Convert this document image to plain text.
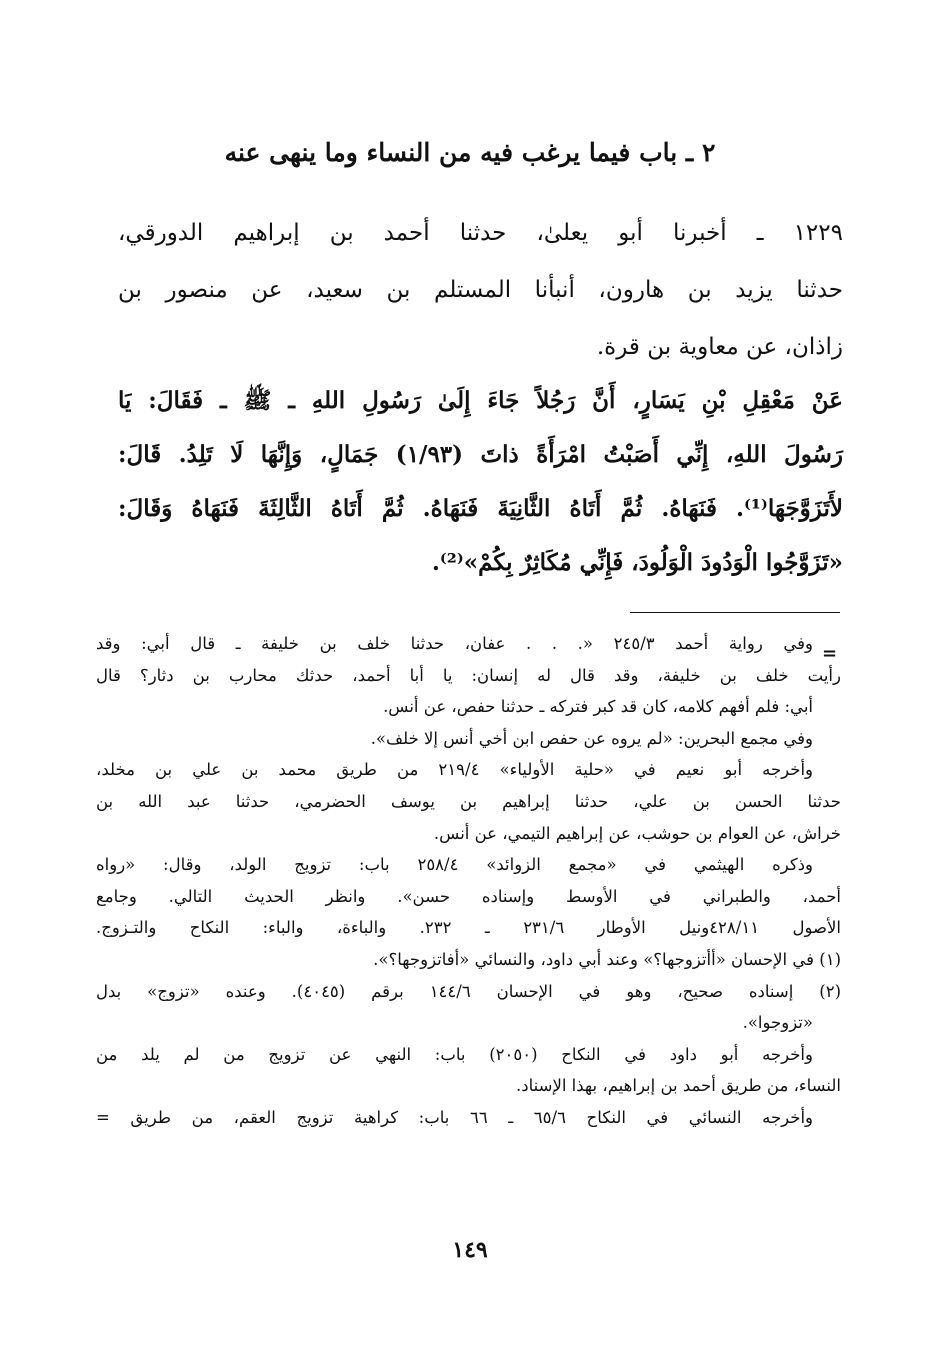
٢ ـ باب فيما يرغب فيه من النساء وما ينهى عنه
١٢٢٩ ـ أخبرنا أبو يعلىٰ، حدثنا أحمد بن إبراهيم الدورقي،
حدثنا يزيد بن هارون، أنبأنا المستلم بن سعيد، عن منصور بن
زاذان، عن معاوية بن قرة.
عَنْ مَعْقِلِ بْنِ يَسَارٍ، أَنَّ رَجُلاً جَاءَ إِلَىٰ رَسُولِ اللهِ ـ ﷺ ـ فَقَالَ: يَا
رَسُولَ اللهِ، إِنِّي أَصَبْتُ امْرَأَةً ذاتَ (١/٩٣) جَمَالٍ، وَإِنَّهَا لَا تَلِدُ. قَالَ:
لأَتَزَوَّجَهَا⁽¹⁾. فَنَهَاهُ. ثُمَّ أَتَاهُ الثَّانِيَةَ فَنَهَاهُ. ثُمَّ أَتَاهُ الثَّالِثَةَ فَنَهَاهُ وَقَالَ:
«تَزَوَّجُوا الْوَدُودَ الْوَلُودَ، فَإِنِّي مُكَاثِرٌ بِكُمْ»⁽²⁾.
=
وفي رواية أحمد ٢٤٥/٣ «. . . عفان، حدثنا خلف بن خليفة ـ قال أبي: وقد
رأيت خلف بن خليفة، وقد قال له إنسان: يا أبا أحمد، حدثك محارب بن دثار؟ قال
أبي: فلم أفهم كلامه، كان قد كبر فتركه ـ حدثنا حفص، عن أنس.
وفي مجمع البحرين: «لم يروه عن حفص ابن أخي أنس إلا خلف».
وأخرجه أبو نعيم في «حلية الأولياء» ٢١٩/٤ من طريق محمد بن علي بن مخلد،
حدثنا الحسن بن علي، حدثنا إبراهيم بن يوسف الحضرمي، حدثنا عبد الله بن
خراش، عن العوام بن حوشب، عن إبراهيم التيمي، عن أنس.
وذكره الهيثمي في «مجمع الزوائد» ٢٥٨/٤ باب: تزويج الولد، وقال: «رواه
أحمد، والطبراني في الأوسط وإسناده حسن». وانظر الحديث التالي. وجامع
الأصول ٤٢٨/١١ونيل الأوطار ٢٣١/٦ ـ ٢٣٢. والباءة، والباء: النكاح والتـزوج.
(١) في الإحسان «أأتزوجها؟» وعند أبي داود، والنسائي «أفاتزوجها؟».
(٢) إسناده صحيح، وهو في الإحسان ١٤٤/٦ برقم (٤٠٤٥). وعنده «تزوج» بدل
«تزوجوا».
وأخرجه أبو داود في النكاح (٢٠٥٠) باب: النهي عن تزويج من لم يلد من
النساء، من طريق أحمد بن إبراهيم، بهذا الإسناد.
وأخرجه النسائي في النكاح ٦٥/٦ ـ ٦٦ باب: كراهية تزويج العقم، من طريق =
١٤٩
